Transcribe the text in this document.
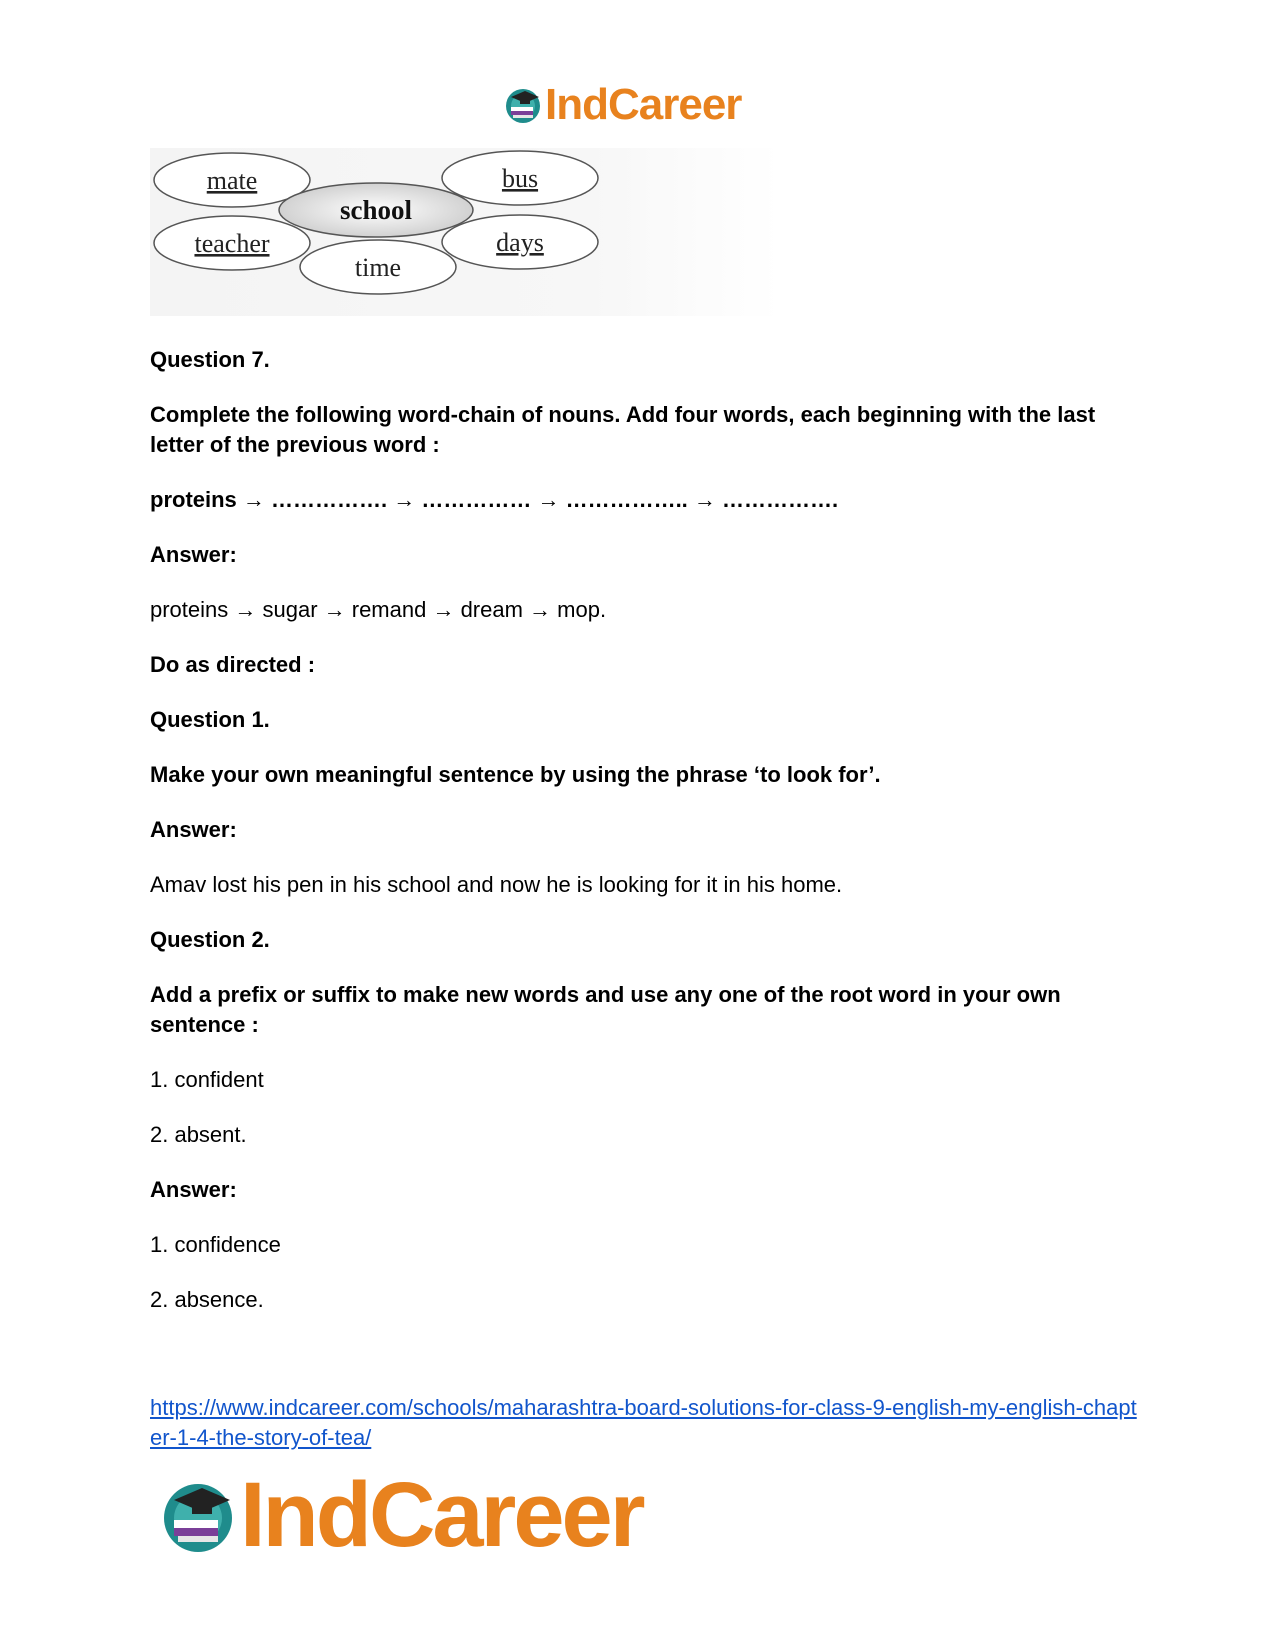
IndCareer
mate	bus
teacher	days
time
school

Question 7.

Complete the following word-chain of nouns. Add four words, each beginning with the last letter of the previous word :

proteins → ……………. → …………… → …………….. → …………….

Answer:

proteins → sugar → remand → dream → mop.

Do as directed :

Question 1.

Make your own meaningful sentence by using the phrase ‘to look for’.

Answer:

Amav lost his pen in his school and now he is looking for it in his home.

Question 2.

Add a prefix or suffix to make new words and use any one of the root word in your own sentence :

1. confident

2. absent.

Answer:

1. confidence

2. absence.

https://www.indcareer.com/schools/maharashtra-board-solutions-for-class-9-english-my-english-chapter-1-4-the-story-of-tea/
IndCareer
